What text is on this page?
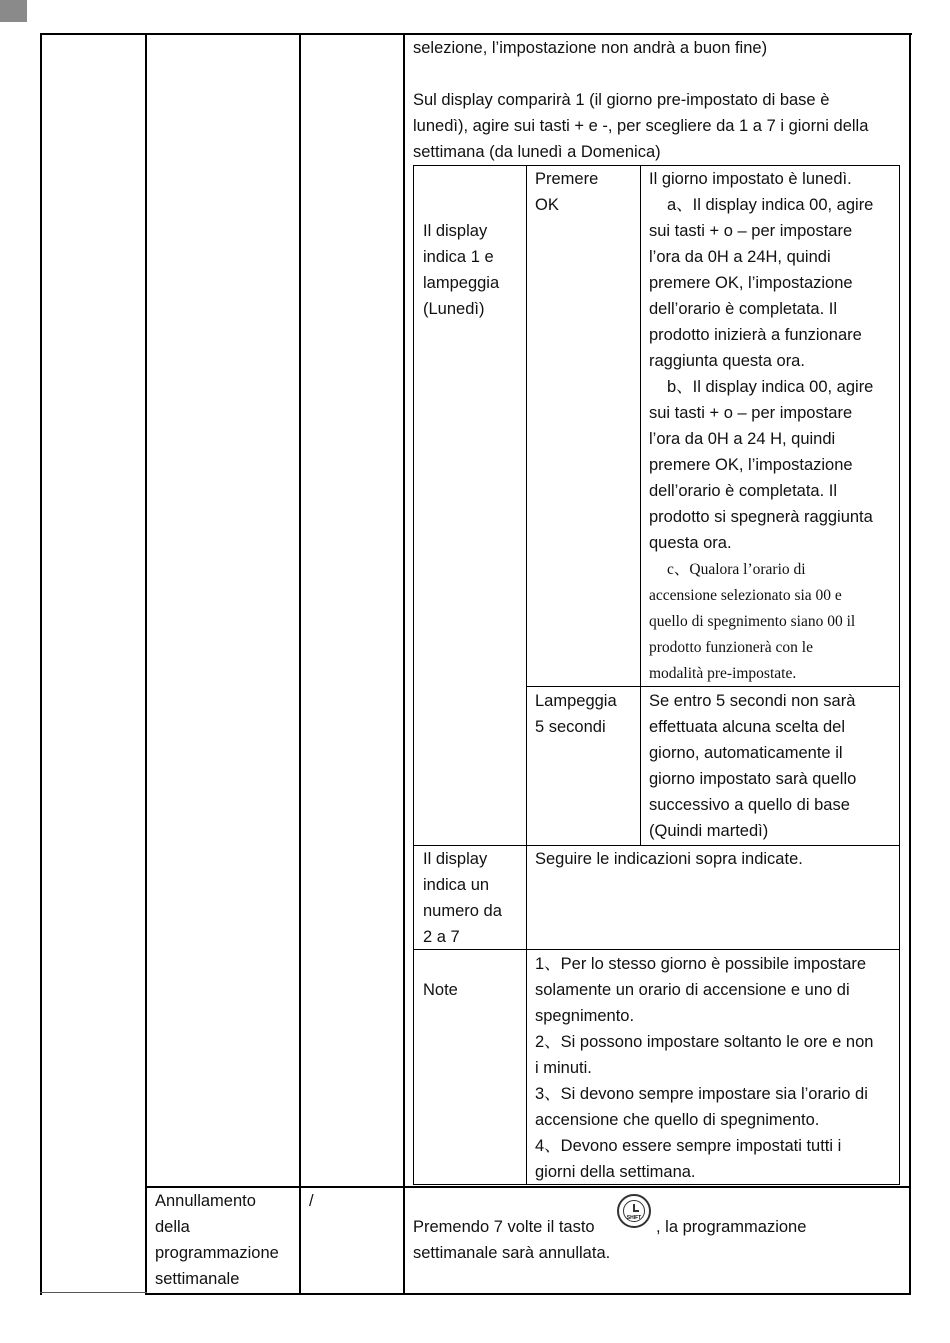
selezione, l’impostazione non andrà a buon fine)
Sul display comparirà 1 (il giorno pre-impostato di base è
lunedì), agire sui tasti + e -, per scegliere da 1 a 7 i giorni della
settimana (da lunedì a Domenica)
Il display
indica 1 e
lampeggia
(Lunedì)
Premere
OK
Il giorno impostato è lunedì.
a、Il display indica 00, agire
sui tasti + o – per impostare
l’ora da 0H a 24H, quindi
premere OK, l’impostazione
dell’orario è completata. Il
prodotto inizierà a funzionare
raggiunta questa ora.
b、Il display indica 00, agire
sui tasti + o – per impostare
l’ora da 0H a 24 H, quindi
premere OK, l’impostazione
dell’orario è completata. Il
prodotto si spegnerà raggiunta
questa ora.
c、Qualora l’orario di
accensione selezionato sia 00 e
quello di spegnimento siano 00 il
prodotto funzionerà con le
modalità pre-impostate.
Lampeggia
5 secondi
Se entro 5 secondi non sarà
effettuata alcuna scelta del
giorno, automaticamente il
giorno impostato sarà quello
successivo a quello di base
(Quindi martedì)
Il display
indica un
numero da
2 a 7
Seguire le indicazioni sopra indicate.
Note
1、Per lo stesso giorno è possibile impostare
solamente un orario di accensione e uno di
spegnimento.
2、Si possono impostare soltanto le ore e non
i minuti.
3、Si devono sempre impostare sia l’orario di
accensione che quello di spegnimento.
4、Devono essere sempre impostati tutti i
giorni della settimana.
Annullamento
della
programmazione
settimanale
/
Premendo 7 volte il tasto	SHIFT , la programmazione
settimanale sarà annullata.
